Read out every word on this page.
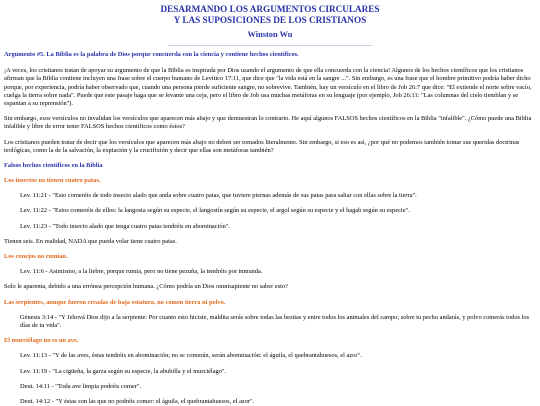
DESARMANDO LOS ARGUMENTOS CIRCULARES
Y LAS SUPOSICIONES DE LOS CRISTIANOS
Winston Wu

Argumento #5. La Biblia es la palabra de Dios porque concuerda con la ciencia y contiene hechos científicos.

¡A veces, los cristianos tratan de apoyar su argumento de que la Biblia es inspirada por Dios usando el argumento de que ella concuerda con la ciencia! Algunos de los hechos científicos que los cristianos afirman que la Biblia contiene incluyen una frase sobre el cuerpo humano de Levítico 17:11, que dice que "la vida está en la sangre ...". Sin embargo, es una frase que el hombre primitivo podría haber dicho porque, por experiencia, podría haber observado que, cuando una persona pierde suficiente sangre, no sobrevive. También, hay un versículo en el libro de Job 26:7 que dice: "El extiende el norte sobre vacío, cuelga la tierra sobre nada". Puede que este pasaje haga que se levante una ceja, pero el libro de Job usa muchas metáforas en su lenguaje (por ejemplo, Job 26:11: "Las columnas del cielo tiemblan y se espantan a su reprensión").

Sin embargo, esos versículos no invalidan los versículos que aparecen más abajo y que demuestran lo contrario. He aquí algunos FALSOS hechos científicos en la Biblia "infalible". ¿Cómo puede una Biblia infalible y libre de error tener FALSOS hechos científicos como éstos?

Los cristianos pueden tratar de decir que los versículos que aparecen más abajo no deben ser tomados literalmente. Sin embargo, si eso es así, ¿por qué no podemos también tomar sus queridas doctrinas teológicas, como la de la salvación, la expiación y la crucifixión y decir que ellas son metáforas también?

Falsos hechos científicos en la Biblia

Los insectos no tienen cuatro patas.

Lev. 11:21 - "Esto comeréis de todo insecto alado que anda sobre cuatro patas, que tuviere piernas además de sus patas para saltar con ellas sobre la tierra".

Lev. 11:22 - "Estos comeréis de ellos: la langosta según su especie, el langostín según su especie, el argol según su especie y el hagab según su especie".

Lev. 11:23 - "Todo insecto alado que tenga cuatro patas tendréis en abominación".

Tienen seis. En realidad, NADA que pueda volar tiene cuatro patas.

Los conejos no rumian.

Lev. 11:6 - Asimismo, a la liebre, porque rumia, pero no tiene pezuña, la tendréis por inmunda.

Solo le aparenta, debido a una errónea percepción humana. ¿Cómo podría un Dios omnisapiente no saber esto?

Las serpientes, aunque fueron creadas de baja estatura, no comen tierra ni polvo.

Génesis 3:14 - "Y Jehová Dios dijo a la serpiente: Por cuanto esto hiciste, maldita serás sobre todas las bestias y entre todos los animales del campo; sobre tu pecho andarás, y polvo comerás todos los días de tu vida".

El murciélago no es un ave.

Lev. 11:13 - "Y de las aves, éstas tendréis en abominación; no se comerán, serán abominación: el águila, el quebrantahuesos, el azor".

Lev. 11:19 - "La cigüeña, la garza según su especie, la abubilla y el murciélago".

Deut. 14:11 - "Toda ave limpia podréis comer".

Deut. 14:12 - "Y éstas son las que no podréis comer: el águila, el quebrantahuesos, el azor".
